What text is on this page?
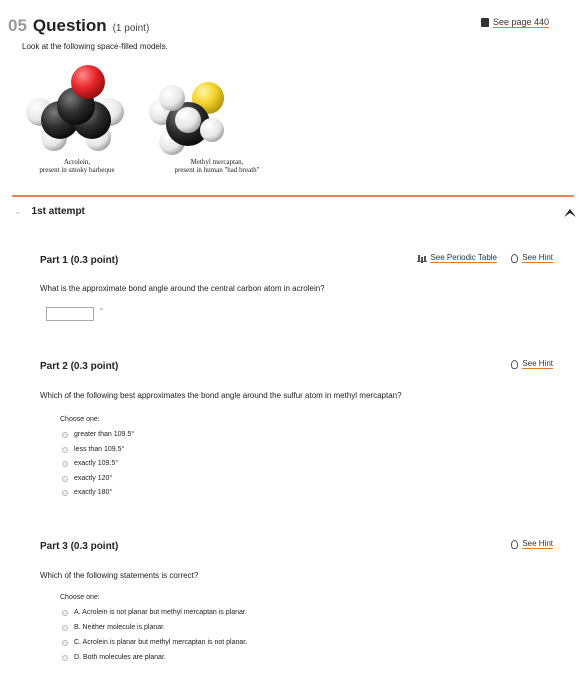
05 Question (1 point)
See page 440
Look at the following space-filled models.
Acrolein,
present in smoky barbeque
Methyl mercaptan,
present in human "bad breath"
⌄ 1st attempt
Part 1 (0.3 point)	See Periodic Table	See Hint
What is the approximate bond angle around the central carbon atom in acrolein?
°
Part 2 (0.3 point)	See Hint
Which of the following best approximates the bond angle around the sulfur atom in methyl mercaptan?
Choose one:
greater than 109.5°
less than 109.5°
exactly 109.5°
exactly 120°
exactly 180°
Part 3 (0.3 point)	See Hint
Which of the following statements is correct?
Choose one:
A. Acrolein is not planar but methyl mercaptan is planar.
B. Neither molecule is planar.
C. Acrolein is planar but methyl mercaptan is not planar.
D. Both molecules are planar.
